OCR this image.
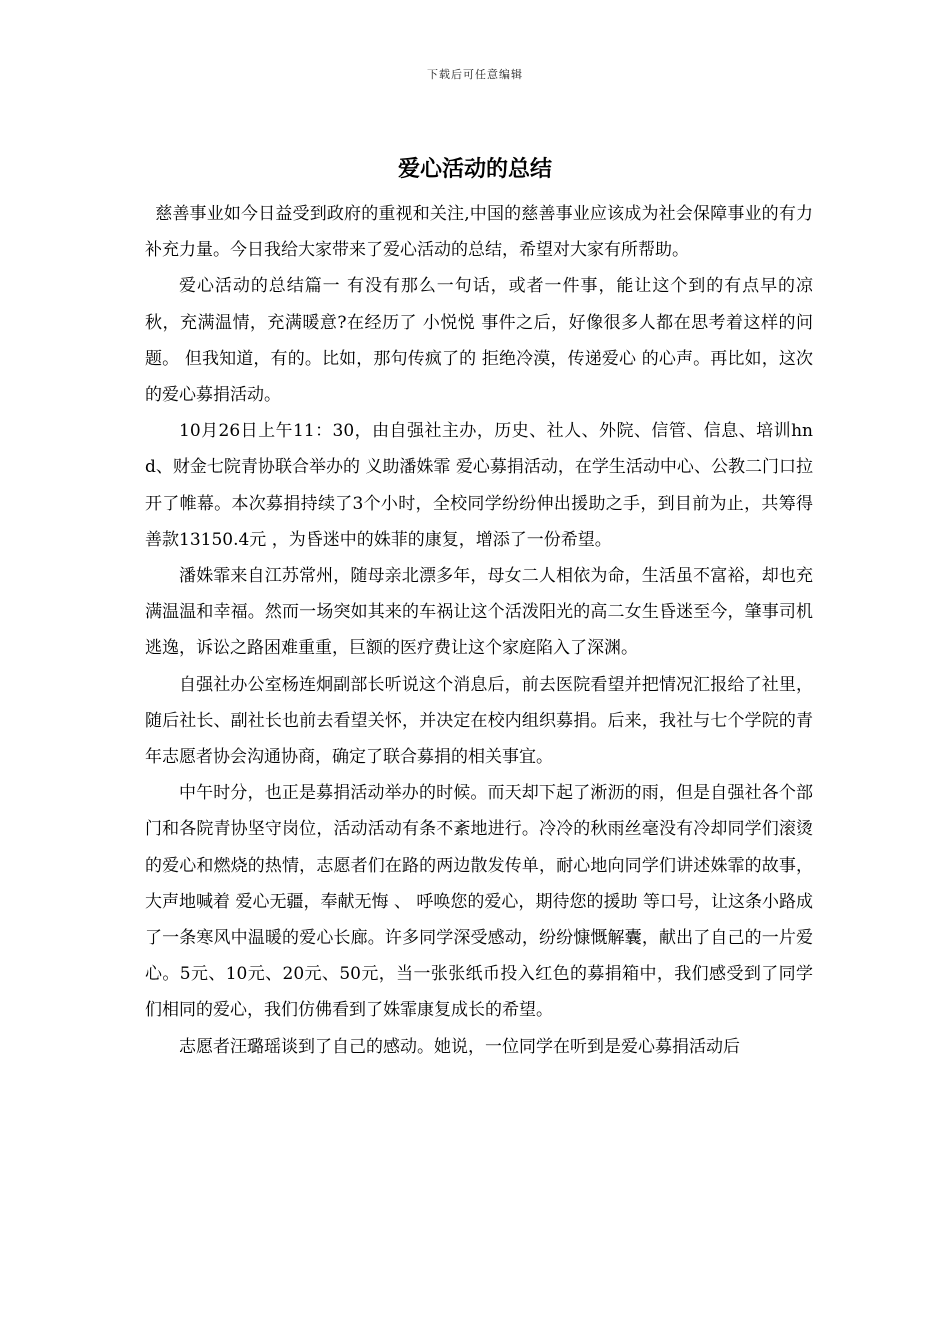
下载后可任意编辑
爱心活动的总结

慈善事业如今日益受到政府的重视和关注,中国的慈善事业应该成为社会保障事业的有力补充力量。今日我给大家带来了爱心活动的总结，希望对大家有所帮助。

爱心活动的总结篇一 有没有那么一句话，或者一件事，能让这个到的有点早的凉秋，充满温情，充满暖意?在经历了 小悦悦 事件之后，好像很多人都在思考着这样的问题。 但我知道，有的。比如，那句传疯了的 拒绝冷漠，传递爱心 的心声。再比如，这次的爱心募捐活动。

10月26日上午11：30，由自强社主办，历史、社人、外院、信管、信息、培训hnd、财金七院青协联合举办的 义助潘姝霏 爱心募捐活动，在学生活动中心、公教二门口拉开了帷幕。本次募捐持续了3个小时，全校同学纷纷伸出援助之手，到目前为止，共筹得善款13150.4元 ，为昏迷中的姝菲的康复，增添了一份希望。

潘姝霏来自江苏常州，随母亲北漂多年，母女二人相依为命，生活虽不富裕，却也充满温温和幸福。然而一场突如其来的车祸让这个活泼阳光的高二女生昏迷至今，肇事司机逃逸，诉讼之路困难重重，巨额的医疗费让这个家庭陷入了深渊。

自强社办公室杨连炯副部长听说这个消息后，前去医院看望并把情况汇报给了社里，随后社长、副社长也前去看望关怀，并决定在校内组织募捐。后来，我社与七个学院的青年志愿者协会沟通协商，确定了联合募捐的相关事宜。

中午时分，也正是募捐活动举办的时候。而天却下起了淅沥的雨，但是自强社各个部门和各院青协坚守岗位，活动活动有条不紊地进行。冷冷的秋雨丝毫没有冷却同学们滚烫的爱心和燃烧的热情，志愿者们在路的两边散发传单，耐心地向同学们讲述姝霏的故事，大声地喊着 爱心无疆，奉献无悔 、 呼唤您的爱心，期待您的援助 等口号，让这条小路成了一条寒风中温暖的爱心长廊。许多同学深受感动，纷纷慷慨解囊，献出了自己的一片爱心。5元、10元、20元、50元，当一张张纸币投入红色的募捐箱中，我们感受到了同学们相同的爱心，我们仿佛看到了姝霏康复成长的希望。

志愿者汪璐瑶谈到了自己的感动。她说，一位同学在听到是爱心募捐活动后
